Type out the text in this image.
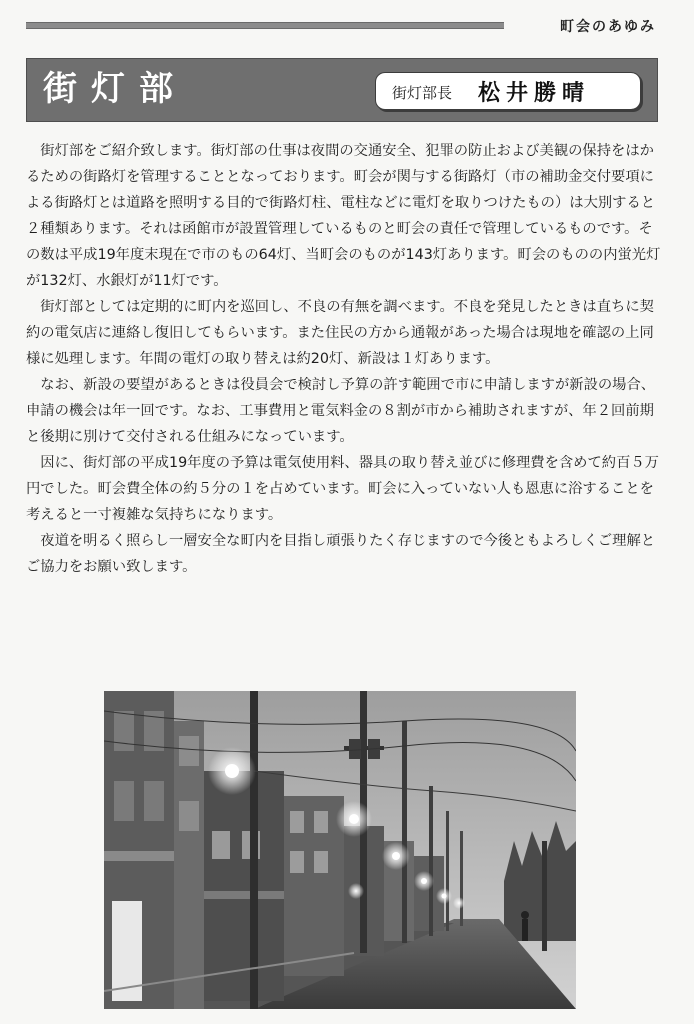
町会のあゆみ
街灯部	街灯部長 松井勝晴

街灯部をご紹介致します。街灯部の仕事は夜間の交通安全、犯罪の防止および美観の保持をはかるための街路灯を管理することとなっております。町会が関与する街路灯（市の補助金交付要項による街路灯とは道路を照明する目的で街路灯柱、電柱などに電灯を取りつけたもの）は大別すると２種類あります。それは函館市が設置管理しているものと町会の責任で管理しているものです。その数は平成19年度末現在で市のもの64灯、当町会のものが143灯あります。町会のものの内蛍光灯が132灯、水銀灯が11灯です。

街灯部としては定期的に町内を巡回し、不良の有無を調べます。不良を発見したときは直ちに契約の電気店に連絡し復旧してもらいます。また住民の方から通報があった場合は現地を確認の上同様に処理します。年間の電灯の取り替えは約20灯、新設は１灯あります。

なお、新設の要望があるときは役員会で検討し予算の許す範囲で市に申請しますが新設の場合、申請の機会は年一回です。なお、工事費用と電気料金の８割が市から補助されますが、年２回前期と後期に別けて交付される仕組みになっています。

因に、街灯部の平成19年度の予算は電気使用料、器具の取り替え並びに修理費を含めて約百５万円でした。町会費全体の約５分の１を占めています。町会に入っていない人も恩恵に浴することを考えると一寸複雑な気持ちになります。

夜道を明るく照らし一層安全な町内を目指し頑張りたく存じますので今後ともよろしくご理解とご協力をお願い致します。
